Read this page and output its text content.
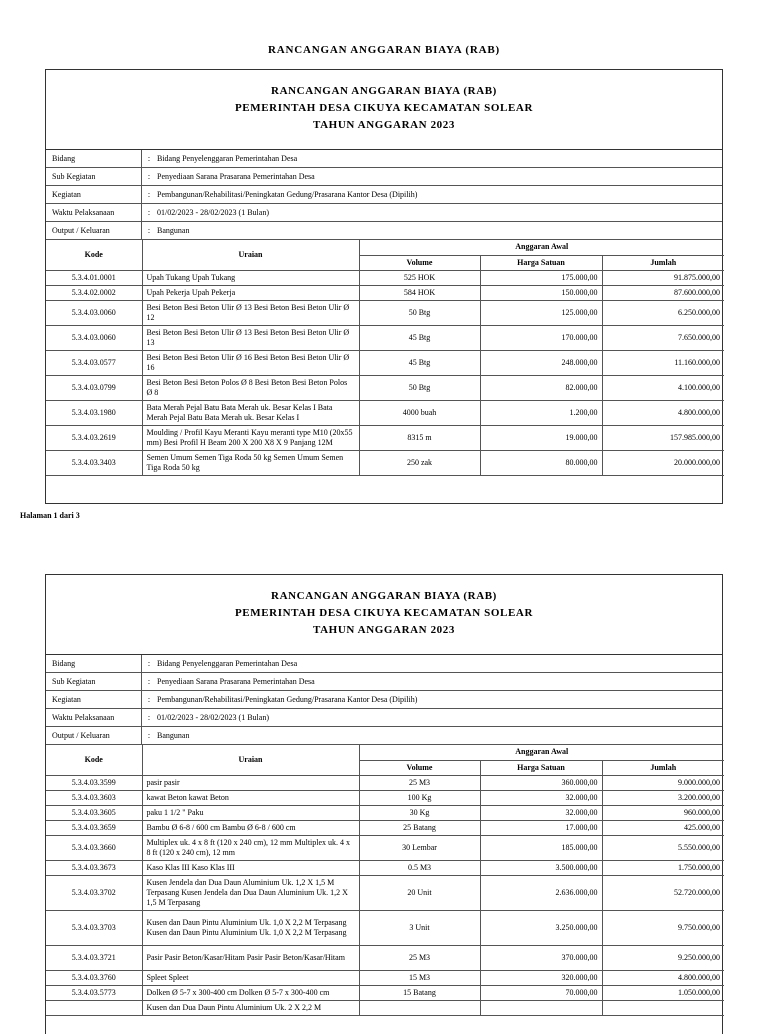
RANCANGAN ANGGARAN BIAYA (RAB)
RANCANGAN ANGGARAN BIAYA (RAB)
PEMERINTAH DESA CIKUYA KECAMATAN SOLEAR
TAHUN ANGGARAN 2023
Bidang	: Bidang Penyelenggaran Pemerintahan Desa
Sub Kegiatan	: Penyediaan Sarana Prasarana Pemerintahan Desa
Kegiatan	: Pembangunan/Rehabilitasi/Peningkatan Gedung/Prasarana Kantor Desa (Dipilih)
Waktu Pelaksanaan	: 01/02/2023 - 28/02/2023 (1 Bulan)
Output / Keluaran	: Bangunan
Kode	Uraian	Anggaran Awal		
		Volume	Harga Satuan	Jumlah
5.3.4.01.0001	Upah Tukang Upah Tukang	525 HOK	175.000,00	91.875.000,00
5.3.4.02.0002	Upah Pekerja Upah Pekerja	584 HOK	150.000,00	87.600.000,00
5.3.4.03.0060	Besi Beton Besi Beton Ulir Ø 13 Besi Beton Besi Beton Ulir Ø 12	50 Btg	125.000,00	6.250.000,00
5.3.4.03.0060	Besi Beton Besi Beton Ulir Ø 13 Besi Beton Besi Beton Ulir Ø 13	45 Btg	170.000,00	7.650.000,00
5.3.4.03.0577	Besi Beton Besi Beton Ulir Ø 16 Besi Beton Besi Beton Ulir Ø 16	45 Btg	248.000,00	11.160.000,00
5.3.4.03.0799	Besi Beton Besi Beton Polos Ø 8 Besi Beton Besi Beton Polos Ø 8	50 Btg	82.000,00	4.100.000,00
5.3.4.03.1980	Bata Merah Pejal Batu Bata Merah uk. Besar Kelas I Bata Merah Pejal Batu Bata Merah uk. Besar Kelas I	4000 buah	1.200,00	4.800.000,00
5.3.4.03.2619	Moulding / Profil Kayu Meranti Kayu meranti type M10 (20x55 mm) Besi Profil H Beam 200 X 200 X8 X 9 Panjang 12M	8315 m	19.000,00	157.985.000,00
5.3.4.03.3403	Semen Umum Semen Tiga Roda 50 kg Semen Umum Semen Tiga Roda 50 kg	250 zak	80.000,00	20.000.000,00
Halaman 1 dari 3
RANCANGAN ANGGARAN BIAYA (RAB)
PEMERINTAH DESA CIKUYA KECAMATAN SOLEAR
TAHUN ANGGARAN 2023
Bidang	: Bidang Penyelenggaran Pemerintahan Desa
Sub Kegiatan	: Penyediaan Sarana Prasarana Pemerintahan Desa
Kegiatan	: Pembangunan/Rehabilitasi/Peningkatan Gedung/Prasarana Kantor Desa (Dipilih)
Waktu Pelaksanaan	: 01/02/2023 - 28/02/2023 (1 Bulan)
Output / Keluaran	: Bangunan
Kode	Uraian	Anggaran Awal		
		Volume	Harga Satuan	Jumlah
5.3.4.03.3599	pasir pasir	25 M3	360.000,00	9.000.000,00
5.3.4.03.3603	kawat Beton kawat Beton	100 Kg	32.000,00	3.200.000,00
5.3.4.03.3605	paku 1 1/2 " Paku	30 Kg	32.000,00	960.000,00
5.3.4.03.3659	Bambu Ø 6-8 / 600 cm Bambu Ø 6-8 / 600 cm	25 Batang	17.000,00	425.000,00
5.3.4.03.3660	Multiplex uk. 4 x 8 ft (120 x 240 cm), 12 mm Multiplex uk. 4 x 8 ft (120 x 240 cm), 12 mm	30 Lembar	185.000,00	5.550.000,00
5.3.4.03.3673	Kaso Klas III Kaso Klas III	0.5 M3	3.500.000,00	1.750.000,00
5.3.4.03.3702	Kusen Jendela dan Dua Daun Aluminium Uk. 1,2 X 1,5 M Terpasang Kusen Jendela dan Dua Daun Aluminium Uk. 1,2 X 1,5 M Terpasang	20 Unit	2.636.000,00	52.720.000,00
5.3.4.03.3703	Kusen dan Daun Pintu Aluminium Uk. 1,0 X 2,2 M Terpasang Kusen dan Daun Pintu Aluminium Uk. 1,0 X 2,2 M Terpasang	3 Unit	3.250.000,00	9.750.000,00
5.3.4.03.3721	Pasir Pasir Beton/Kasar/Hitam Pasir Pasir Beton/Kasar/Hitam	25 M3	370.000,00	9.250.000,00
5.3.4.03.3760	Spleet Spleet	15 M3	320.000,00	4.800.000,00
5.3.4.03.5773	Dolken Ø 5-7 x 300-400 cm Dolken Ø 5-7 x 300-400 cm	15 Batang	70.000,00	1.050.000,00
	Kusen dan Dua Daun Pintu Aluminium Uk. 2 X 2,2 M			
